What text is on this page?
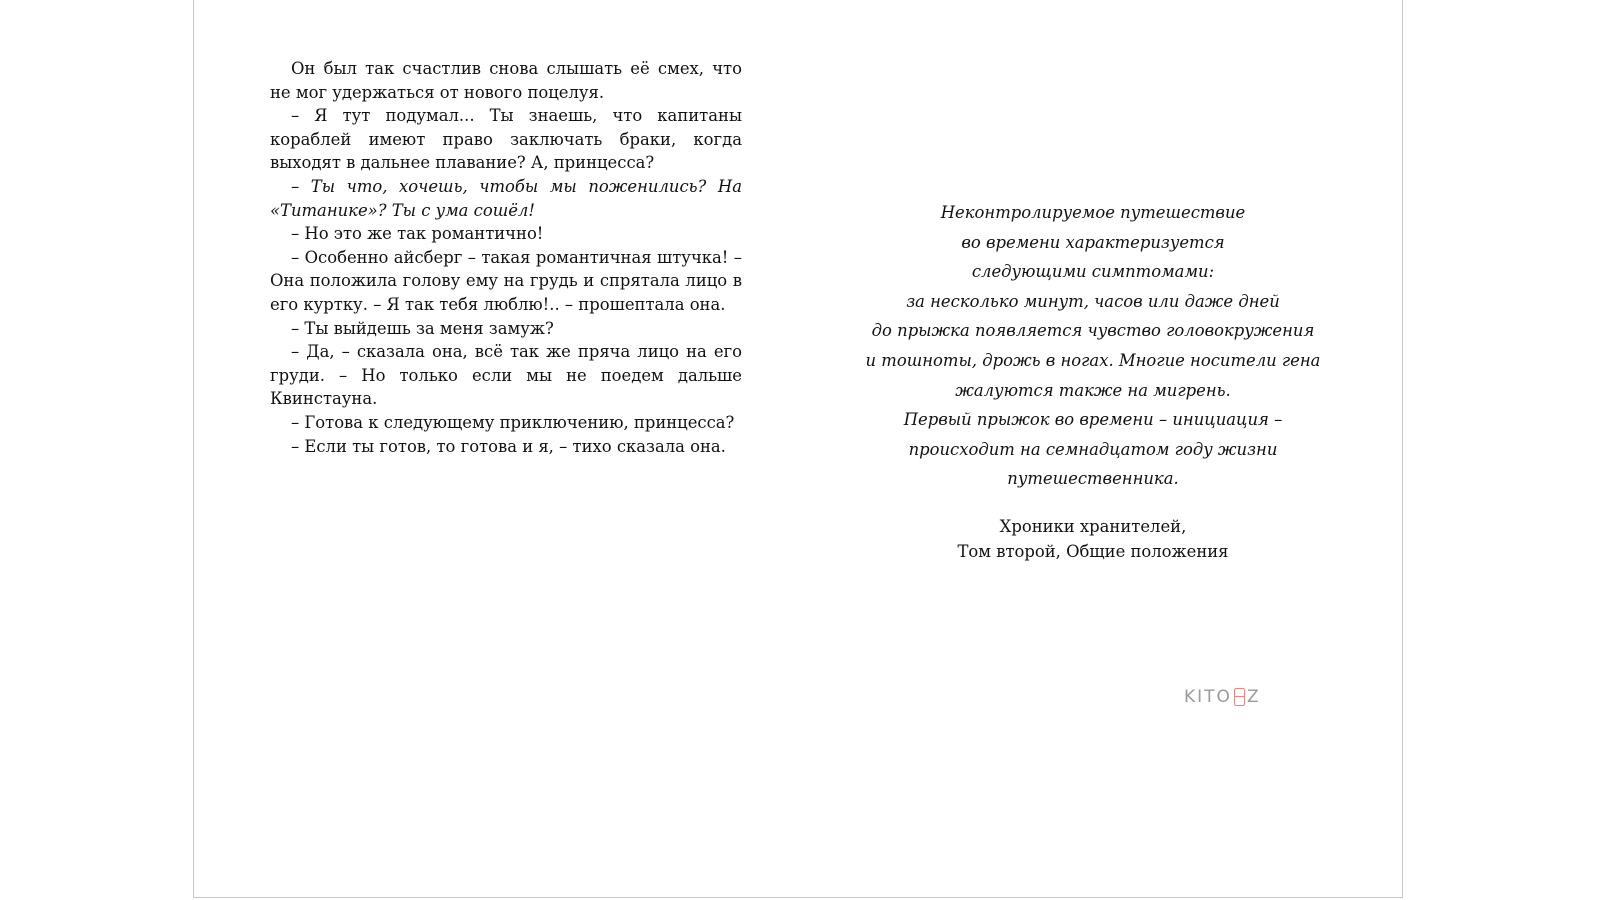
Он был так счастлив снова слышать её смех, что не мог удержаться от нового поцелуя.

– Я тут подумал... Ты знаешь, что капитаны кораблей имеют право заключать браки, когда выходят в дальнее плавание? А, принцесса?

– Ты что, хочешь, чтобы мы поженились? На «Титанике»? Ты с ума сошёл!

– Но это же так романтично!

– Особенно айсберг – такая романтичная штучка! – Она положила голову ему на грудь и спрятала лицо в его куртку. – Я так тебя люблю!.. – прошептала она.

– Ты выйдешь за меня замуж?

– Да, – сказала она, всё так же пряча лицо на его груди. – Но только если мы не поедем дальше Квинстауна.

– Готова к следующему приключению, принцесса?

– Если ты готов, то готова и я, – тихо сказала она.

Неконтролируемое путешествие
во времени характеризуется
следующими симптомами:
за несколько минут, часов или даже дней
до прыжка появляется чувство головокружения
и тошноты, дрожь в ногах. Многие носители гена
жалуются также на мигрень.
Первый прыжок во времени – инициация –
происходит на семнадцатом году жизни
путешественника.
Хроники хранителей,
Том второй, Общие положения
KITO Z
